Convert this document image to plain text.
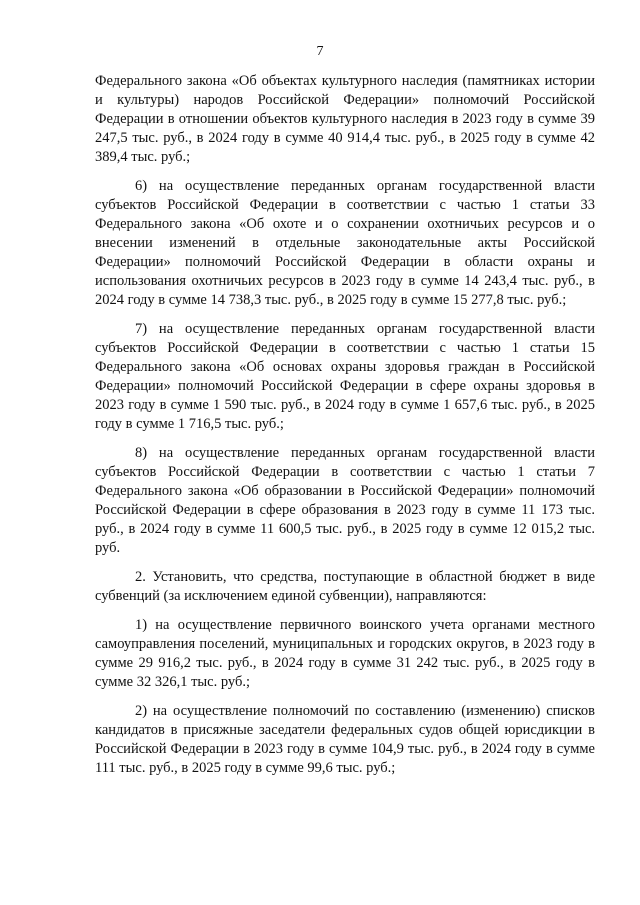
7

Федерального закона «Об объектах культурного наследия (памятниках истории и культуры) народов Российской Федерации» полномочий Российской Федерации в отношении объектов культурного наследия в 2023 году в сумме 39 247,5 тыс. руб., в 2024 году в сумме 40 914,4 тыс. руб., в 2025 году в сумме 42 389,4 тыс. руб.;

6) на осуществление переданных органам государственной власти субъектов Российской Федерации в соответствии с частью 1 статьи 33 Федерального закона «Об охоте и о сохранении охотничьих ресурсов и о внесении изменений в отдельные законодательные акты Российской Федерации» полномочий Российской Федерации в области охраны и использования охотничьих ресурсов в 2023 году в сумме 14 243,4 тыс. руб., в 2024 году в сумме 14 738,3 тыс. руб., в 2025 году в сумме 15 277,8 тыс. руб.;

7) на осуществление переданных органам государственной власти субъектов Российской Федерации в соответствии с частью 1 статьи 15 Федерального закона «Об основах охраны здоровья граждан в Российской Федерации» полномочий Российской Федерации в сфере охраны здоровья в 2023 году в сумме 1 590 тыс. руб., в 2024 году в сумме 1 657,6 тыс. руб., в 2025 году в сумме 1 716,5 тыс. руб.;

8) на осуществление переданных органам государственной власти субъектов Российской Федерации в соответствии с частью 1 статьи 7 Федерального закона «Об образовании в Российской Федерации» полномочий Российской Федерации в сфере образования в 2023 году в сумме 11 173 тыс. руб., в 2024 году в сумме 11 600,5 тыс. руб., в 2025 году в сумме 12 015,2 тыс. руб.

2. Установить, что средства, поступающие в областной бюджет в виде субвенций (за исключением единой субвенции), направляются:

1) на осуществление первичного воинского учета органами местного самоуправления поселений, муниципальных и городских округов, в 2023 году в сумме 29 916,2 тыс. руб., в 2024 году в сумме 31 242 тыс. руб., в 2025 году в сумме 32 326,1 тыс. руб.;

2) на осуществление полномочий по составлению (изменению) списков кандидатов в присяжные заседатели федеральных судов общей юрисдикции в Российской Федерации в 2023 году в сумме 104,9 тыс. руб., в 2024 году в сумме 111 тыс. руб., в 2025 году в сумме 99,6 тыс. руб.;
